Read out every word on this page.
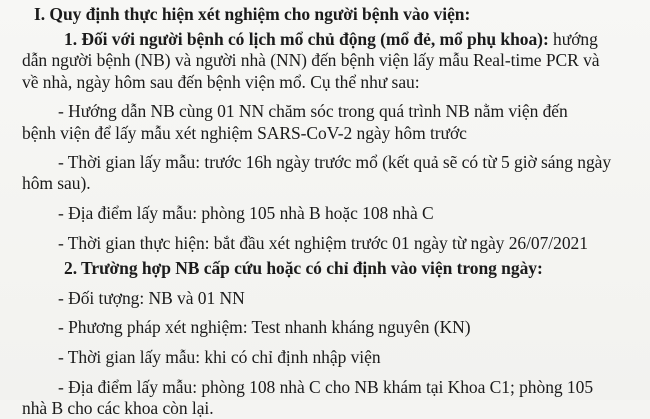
I. Quy định thực hiện xét nghiệm cho người bệnh vào viện:
1. Đối với người bệnh có lịch mổ chủ động (mổ đẻ, mổ phụ khoa): hướng
dẫn người bệnh (NB) và người nhà (NN) đến bệnh viện lấy mẫu Real-time PCR và
về nhà, ngày hôm sau đến bệnh viện mổ. Cụ thể như sau:
- Hướng dẫn NB cùng 01 NN chăm sóc trong quá trình NB nằm viện đến
bệnh viện để lấy mẫu xét nghiệm SARS-CoV-2 ngày hôm trước
- Thời gian lấy mẫu: trước 16h ngày trước mổ (kết quả sẽ có từ 5 giờ sáng ngày
hôm sau).
- Địa điểm lấy mẫu: phòng 105 nhà B hoặc 108 nhà C
- Thời gian thực hiện: bắt đầu xét nghiệm trước 01 ngày từ ngày 26/07/2021
2. Trường hợp NB cấp cứu hoặc có chỉ định vào viện trong ngày:
- Đối tượng: NB và 01 NN
- Phương pháp xét nghiệm: Test nhanh kháng nguyên (KN)
- Thời gian lấy mẫu: khi có chỉ định nhập viện
- Địa điểm lấy mẫu: phòng 108 nhà C cho NB khám tại Khoa C1; phòng 105
nhà B cho các khoa còn lại.
